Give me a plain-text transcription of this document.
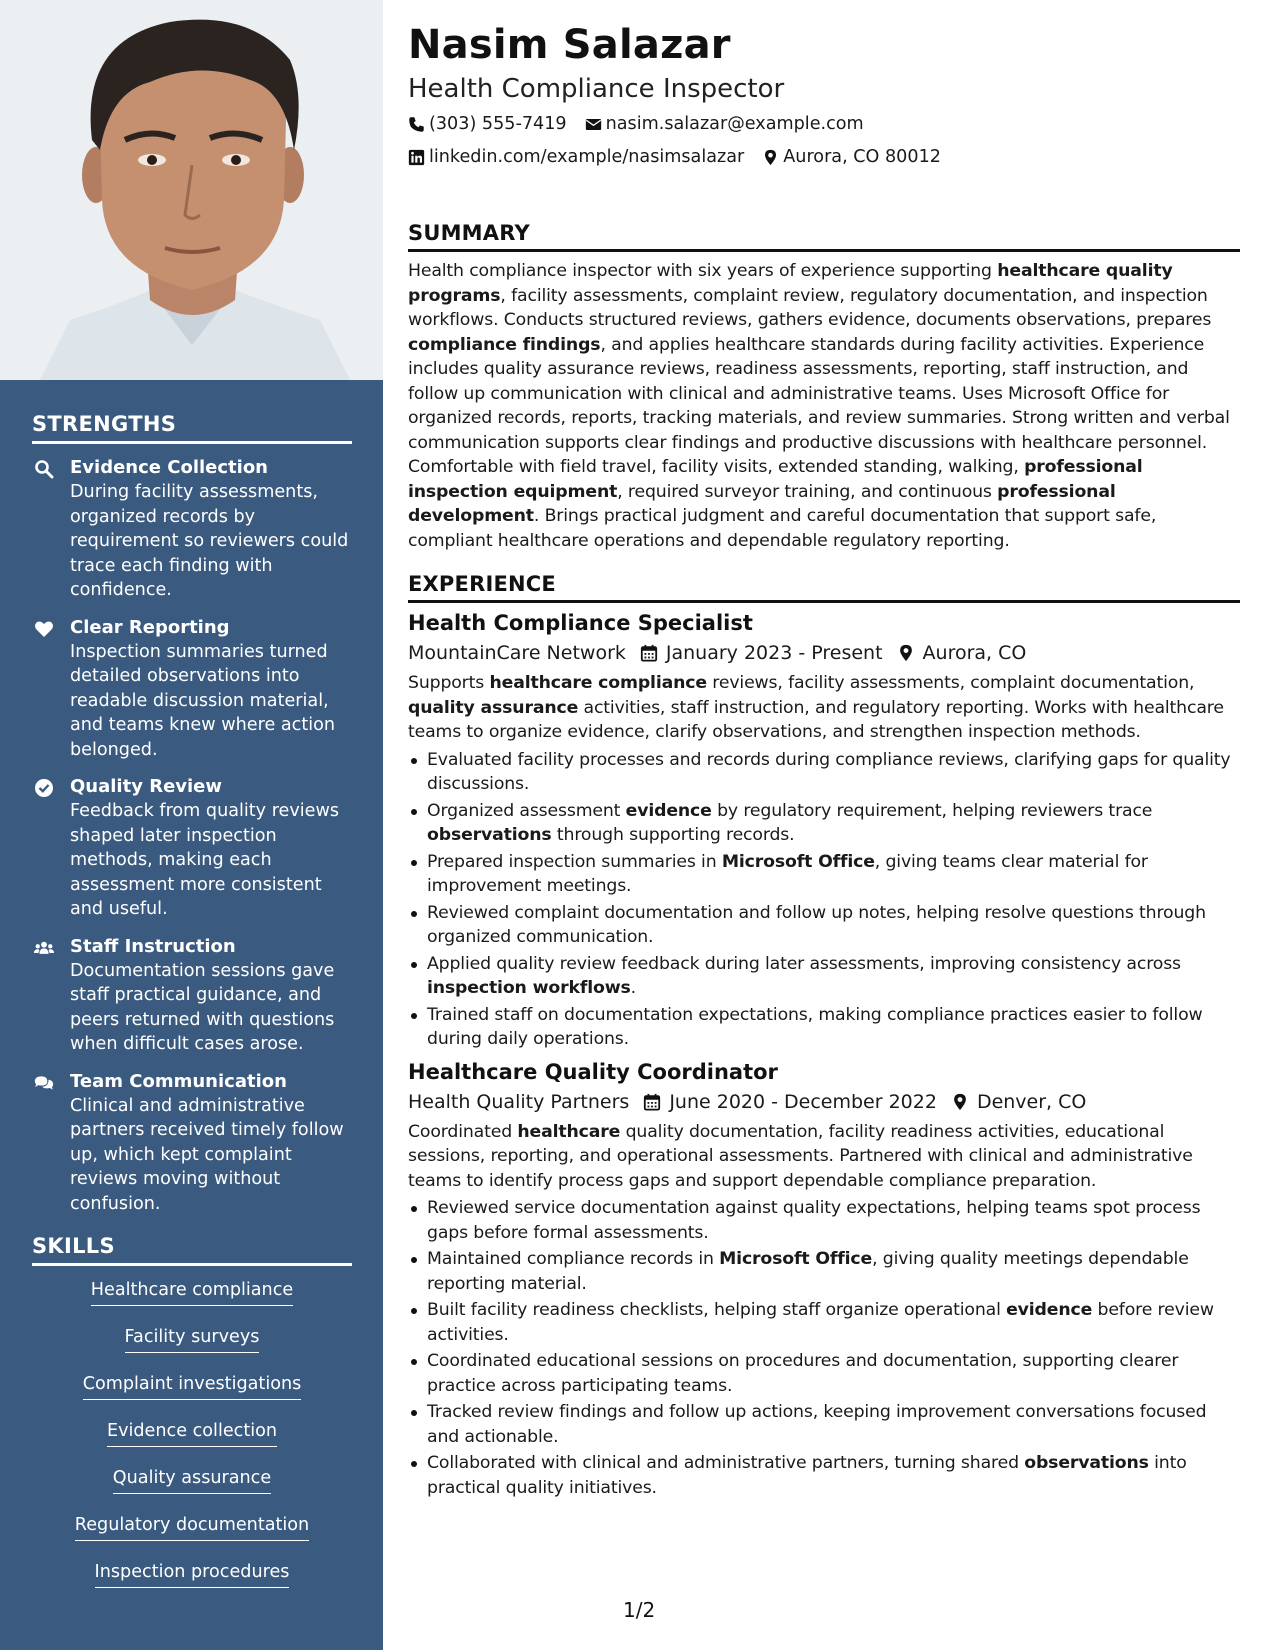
STRENGTHS
Evidence Collection
During facility assessments, organized records by requirement so reviewers could trace each finding with confidence.
Clear Reporting
Inspection summaries turned detailed observations into readable discussion material, and teams knew where action belonged.
Quality Review
Feedback from quality reviews shaped later inspection methods, making each assessment more consistent and useful.
Staff Instruction
Documentation sessions gave staff practical guidance, and peers returned with questions when difficult cases arose.
Team Communication
Clinical and administrative partners received timely follow up, which kept complaint reviews moving without confusion.
SKILLS
Healthcare compliance
Facility surveys
Complaint investigations
Evidence collection
Quality assurance
Regulatory documentation
Inspection procedures
Nasim Salazar
Health Compliance Inspector
(303) 555-7419 nasim.salazar@example.com
linkedin.com/example/nasimsalazar Aurora, CO 80012
SUMMARY

Health compliance inspector with six years of experience supporting healthcare quality programs, facility assessments, complaint review, regulatory documentation, and inspection workflows. Conducts structured reviews, gathers evidence, documents observations, prepares compliance findings, and applies healthcare standards during facility activities. Experience includes quality assurance reviews, readiness assessments, reporting, staff instruction, and follow up communication with clinical and administrative teams. Uses Microsoft Office for organized records, reports, tracking materials, and review summaries. Strong written and verbal communication supports clear findings and productive discussions with healthcare personnel. Comfortable with field travel, facility visits, extended standing, walking, professional inspection equipment, required surveyor training, and continuous professional development. Brings practical judgment and careful documentation that support safe, compliant healthcare operations and dependable regulatory reporting.

EXPERIENCE
Health Compliance Specialist
MountainCare Network January 2023 - Present Aurora, CO

Supports healthcare compliance reviews, facility assessments, complaint documentation, quality assurance activities, staff instruction, and regulatory reporting. Works with healthcare teams to organize evidence, clarify observations, and strengthen inspection methods.

Evaluated facility processes and records during compliance reviews, clarifying gaps for quality discussions.
Organized assessment evidence by regulatory requirement, helping reviewers trace observations through supporting records.
Prepared inspection summaries in Microsoft Office, giving teams clear material for improvement meetings.
Reviewed complaint documentation and follow up notes, helping resolve questions through organized communication.
Applied quality review feedback during later assessments, improving consistency across inspection workflows.
Trained staff on documentation expectations, making compliance practices easier to follow during daily operations.
Healthcare Quality Coordinator
Health Quality Partners June 2020 - December 2022 Denver, CO

Coordinated healthcare quality documentation, facility readiness activities, educational sessions, reporting, and operational assessments. Partnered with clinical and administrative teams to identify process gaps and support dependable compliance preparation.

Reviewed service documentation against quality expectations, helping teams spot process gaps before formal assessments.
Maintained compliance records in Microsoft Office, giving quality meetings dependable reporting material.
Built facility readiness checklists, helping staff organize operational evidence before review activities.
Coordinated educational sessions on procedures and documentation, supporting clearer practice across participating teams.
Tracked review findings and follow up actions, keeping improvement conversations focused and actionable.
Collaborated with clinical and administrative partners, turning shared observations into practical quality initiatives.
1/2
